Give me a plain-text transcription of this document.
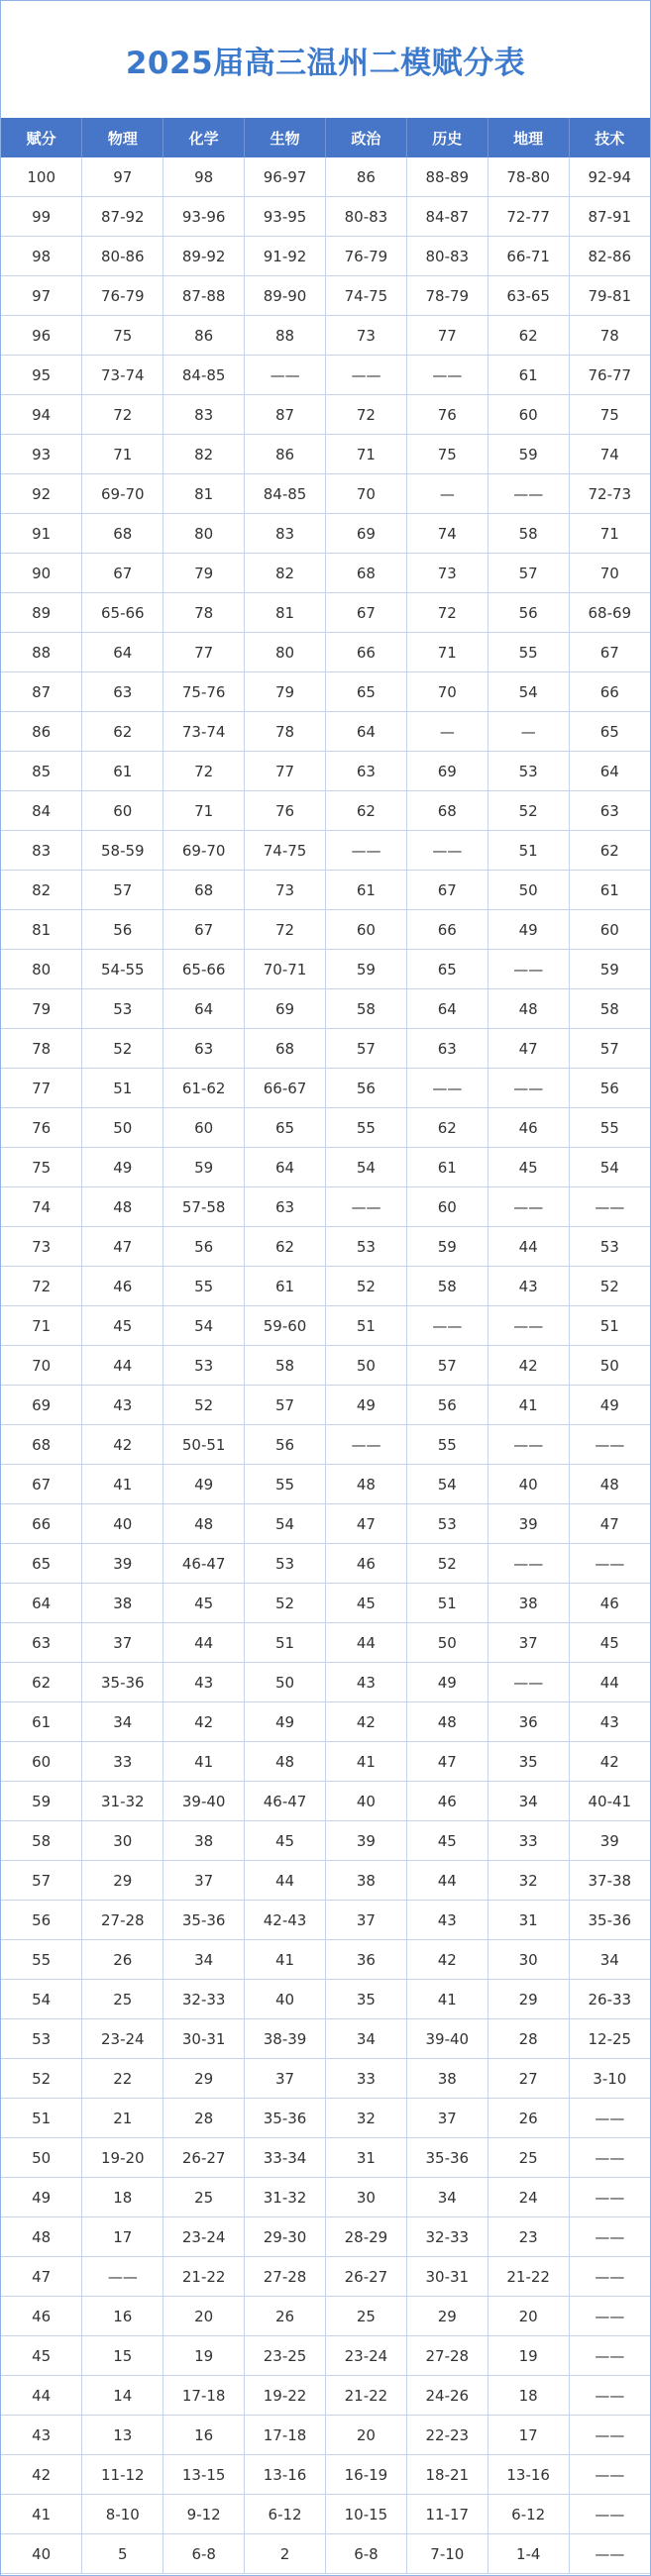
2025届高三温州二模赋分表
赋分	物理	化学	生物	政治	历史	地理	技术
100	97	98	96-97	86	88-89	78-80	92-94
99	87-92	93-96	93-95	80-83	84-87	72-77	87-91
98	80-86	89-92	91-92	76-79	80-83	66-71	82-86
97	76-79	87-88	89-90	74-75	78-79	63-65	79-81
96	75	86	88	73	77	62	78
95	73-74	84-85	——	——	——	61	76-77
94	72	83	87	72	76	60	75
93	71	82	86	71	75	59	74
92	69-70	81	84-85	70	—	——	72-73
91	68	80	83	69	74	58	71
90	67	79	82	68	73	57	70
89	65-66	78	81	67	72	56	68-69
88	64	77	80	66	71	55	67
87	63	75-76	79	65	70	54	66
86	62	73-74	78	64	—	—	65
85	61	72	77	63	69	53	64
84	60	71	76	62	68	52	63
83	58-59	69-70	74-75	——	——	51	62
82	57	68	73	61	67	50	61
81	56	67	72	60	66	49	60
80	54-55	65-66	70-71	59	65	——	59
79	53	64	69	58	64	48	58
78	52	63	68	57	63	47	57
77	51	61-62	66-67	56	——	——	56
76	50	60	65	55	62	46	55
75	49	59	64	54	61	45	54
74	48	57-58	63	——	60	——	——
73	47	56	62	53	59	44	53
72	46	55	61	52	58	43	52
71	45	54	59-60	51	——	——	51
70	44	53	58	50	57	42	50
69	43	52	57	49	56	41	49
68	42	50-51	56	——	55	——	——
67	41	49	55	48	54	40	48
66	40	48	54	47	53	39	47
65	39	46-47	53	46	52	——	——
64	38	45	52	45	51	38	46
63	37	44	51	44	50	37	45
62	35-36	43	50	43	49	——	44
61	34	42	49	42	48	36	43
60	33	41	48	41	47	35	42
59	31-32	39-40	46-47	40	46	34	40-41
58	30	38	45	39	45	33	39
57	29	37	44	38	44	32	37-38
56	27-28	35-36	42-43	37	43	31	35-36
55	26	34	41	36	42	30	34
54	25	32-33	40	35	41	29	26-33
53	23-24	30-31	38-39	34	39-40	28	12-25
52	22	29	37	33	38	27	3-10
51	21	28	35-36	32	37	26	——
50	19-20	26-27	33-34	31	35-36	25	——
49	18	25	31-32	30	34	24	——
48	17	23-24	29-30	28-29	32-33	23	——
47	——	21-22	27-28	26-27	30-31	21-22	——
46	16	20	26	25	29	20	——
45	15	19	23-25	23-24	27-28	19	——
44	14	17-18	19-22	21-22	24-26	18	——
43	13	16	17-18	20	22-23	17	——
42	11-12	13-15	13-16	16-19	18-21	13-16	——
41	8-10	9-12	6-12	10-15	11-17	6-12	——
40	5	6-8	2	6-8	7-10	1-4	——
